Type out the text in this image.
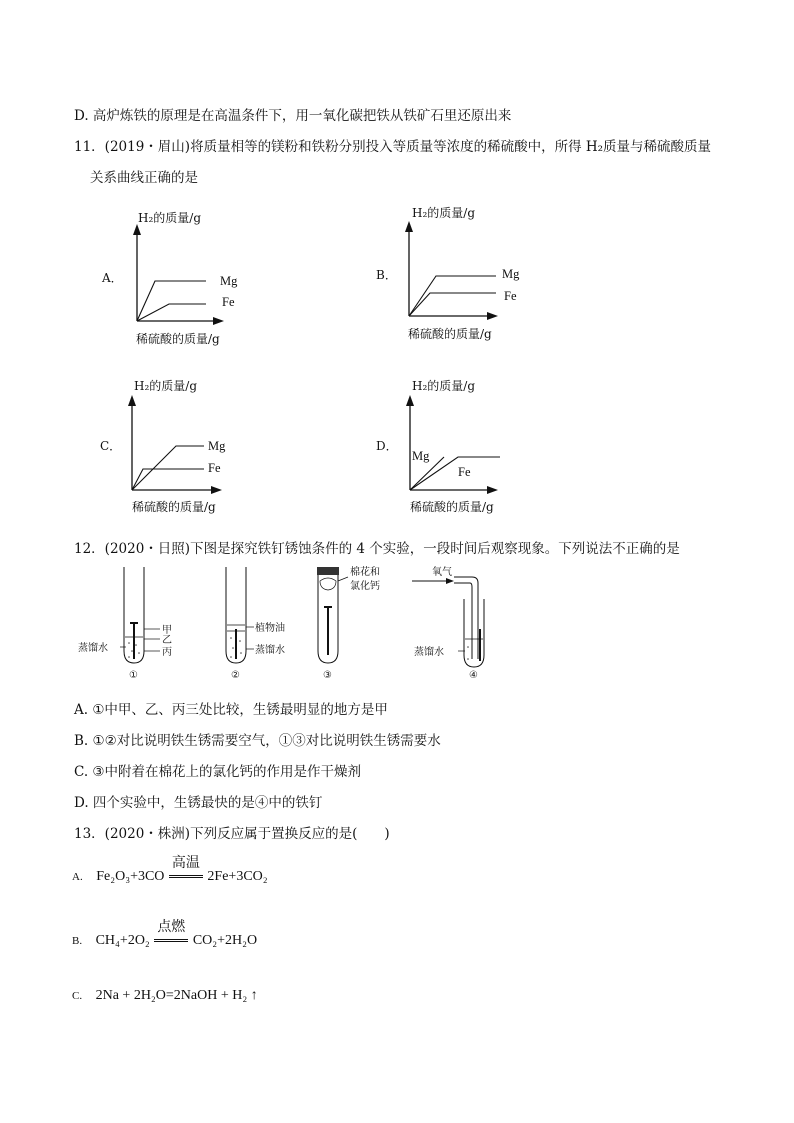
D. 高炉炼铁的原理是在高温条件下，用一氧化碳把铁从铁矿石里还原出来
11．(2019・眉山)将质量相等的镁粉和铁粉分别投入等质量等浓度的稀硫酸中，所得 H₂质量与稀硫酸质量
关系曲线正确的是
A．
H₂的质量/g
Mg
Fe
稀硫酸的质量/g
B．
H₂的质量/g
Mg
Fe
稀硫酸的质量/g
C．
H₂的质量/g
Mg
Fe
稀硫酸的质量/g
D．
H₂的质量/g
Mg
Fe
稀硫酸的质量/g
12．(2020・日照)下图是探究铁钉锈蚀条件的 4 个实验，一段时间后观察现象。下列说法不正确的是
甲
乙
丙
蒸馏水
①
植物油
蒸馏水
②
棉花和
氯化钙
③
氧气
蒸馏水
④
A. ①中甲、乙、丙三处比较，生锈最明显的地方是甲
B. ①②对比说明铁生锈需要空气，①③对比说明铁生锈需要水
C. ③中附着在棉花上的氯化钙的作用是作干燥剂
D. 四个实验中，生锈最快的是④中的铁钉
13．(2020・株洲)下列反应属于置换反应的是(　　)
A. Fe₂O₃+3CO
高温
2Fe+3CO₂
B. CH₄+2O₂
点燃
CO₂+2H₂O
C. 2Na + 2H₂O=2NaOH + H₂ ↑
